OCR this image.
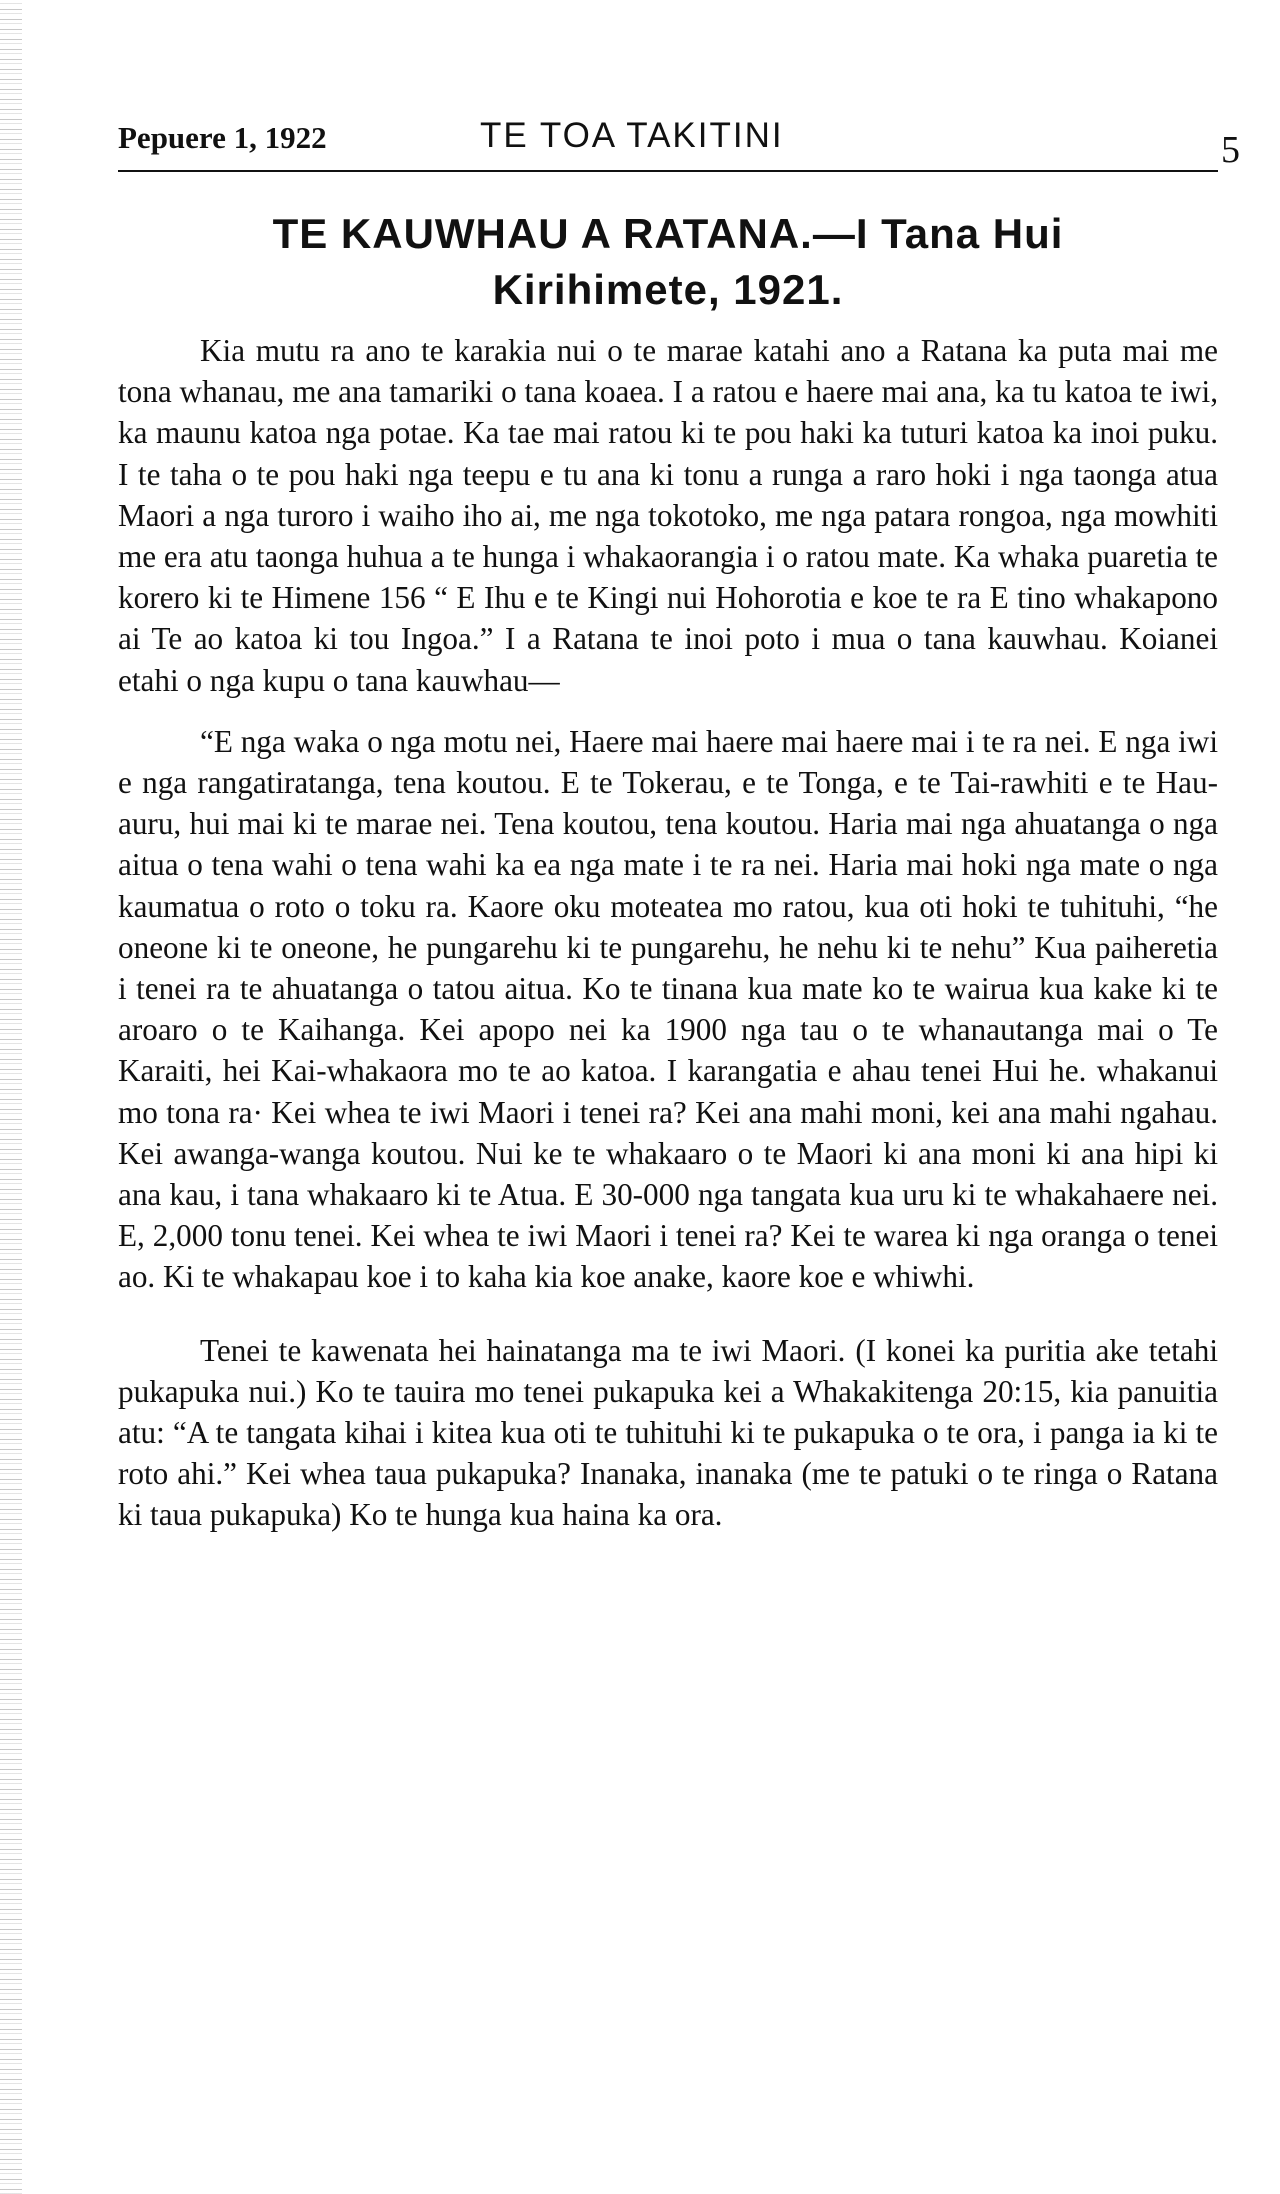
Pepuere 1, 1922	TE TOA TAKITINI	5
TE KAUWHAU A RATANA.—I Tana Hui
Kirihimete, 1921.

Kia mutu ra ano te karakia nui o te marae katahi ano a Ratana ka puta mai me tona whanau, me ana tamariki o tana koaea. I a ratou e haere mai ana, ka tu katoa te iwi, ka maunu katoa nga potae. Ka tae mai ratou ki te pou haki ka tuturi katoa ka inoi puku. I te taha o te pou haki nga teepu e tu ana ki tonu a runga a raro hoki i nga taonga atua Maori a nga turoro i waiho iho ai, me nga tokotoko, me nga patara rongoa, nga mowhiti me era atu taonga huhua a te hunga i whakaorangia i o ratou mate. Ka whaka puaretia te korero ki te Himene 156 “ E Ihu e te Kingi nui Hohorotia e koe te ra E tino whakapono ai Te ao katoa ki tou Ingoa.” I a Ratana te inoi poto i mua o tana kauwhau. Koianei etahi o nga kupu o tana kauwhau—

“E nga waka o nga motu nei, Haere mai haere mai haere mai i te ra nei. E nga iwi e nga rangatiratanga, tena koutou. E te Tokerau, e te Tonga, e te Tai-rawhiti e te Hau-auru, hui mai ki te marae nei. Tena koutou, tena koutou. Haria mai nga ahuatanga o nga aitua o tena wahi o tena wahi ka ea nga mate i te ra nei. Haria mai hoki nga mate o nga kaumatua o roto o toku ra. Kaore oku moteatea mo ratou, kua oti hoki te tuhituhi, “he oneone ki te oneone, he pungarehu ki te pungarehu, he nehu ki te nehu” Kua paiheretia i tenei ra te ahuatanga o tatou aitua. Ko te tinana kua mate ko te wairua kua kake ki te aroaro o te Kaihanga. Kei apopo nei ka 1900 nga tau o te whanautanga mai o Te Karaiti, hei Kai-whakaora mo te ao katoa. I karangatia e ahau tenei Hui he. whakanui mo tona ra· Kei whea te iwi Maori i tenei ra? Kei ana mahi moni, kei ana mahi ngahau. Kei awanga-wanga koutou. Nui ke te whakaaro o te Maori ki ana moni ki ana hipi ki ana kau, i tana whakaaro ki te Atua. E 30-000 nga tangata kua uru ki te whakahaere nei. E, 2,000 tonu tenei. Kei whea te iwi Maori i tenei ra? Kei te warea ki nga oranga o tenei ao. Ki te whakapau koe i to kaha kia koe anake, kaore koe e whiwhi.

Tenei te kawenata hei hainatanga ma te iwi Maori. (I konei ka puritia ake tetahi pukapuka nui.) Ko te tauira mo tenei pukapuka kei a Whakakitenga 20:15, kia panuitia atu: “A te tangata kihai i kitea kua oti te tuhituhi ki te pukapuka o te ora, i panga ia ki te roto ahi.” Kei whea taua pukapuka? Inanaka, inanaka (me te patuki o te ringa o Ratana ki taua pukapuka) Ko te hunga kua haina ka ora.
